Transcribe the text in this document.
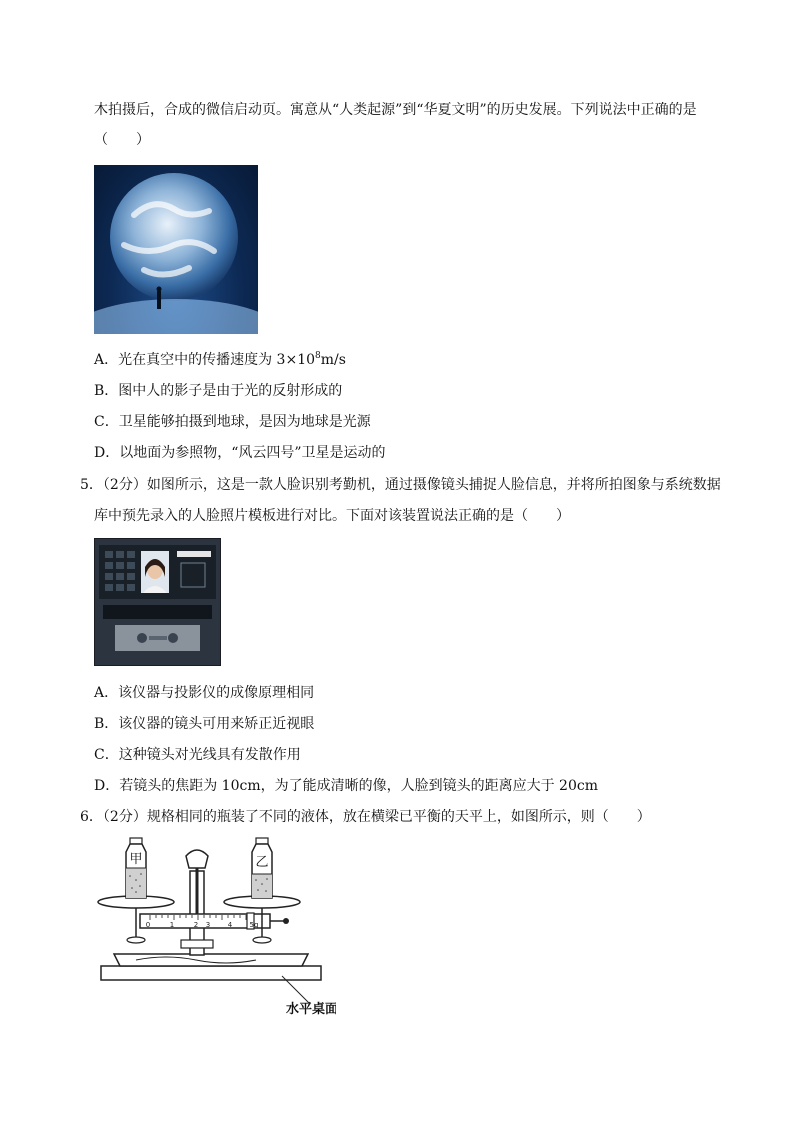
木拍摄后，合成的微信启动页。寓意从“人类起源”到“华夏文明”的历史发展。下列说法中正确的是
（　　）
A．光在真空中的传播速度为 $3\times 10^8m/s$
B．图中人的影子是由于光的反射形成的
C．卫星能够拍摄到地球，是因为地球是光源
D．以地面为参照物，“风云四号”卫星是运动的
5．（2分）如图所示，这是一款人脸识别考勤机，通过摄像镜头捕捉人脸信息，并将所拍图象与系统数据
库中预先录入的人脸照片模板进行对比。下面对该装置说法正确的是（　　）
A．该仪器与投影仪的成像原理相同
B．该仪器的镜头可用来矫正近视眼
C．这种镜头对光线具有发散作用
D．若镜头的焦距为 10cm，为了能成清晰的像，人脸到镜头的距离应大于 20cm
6．（2分）规格相同的瓶装了不同的液体，放在横梁已平衡的天平上，如图所示，则（　　）
0	1	2 3	4 5g
甲	乙
水平桌面
